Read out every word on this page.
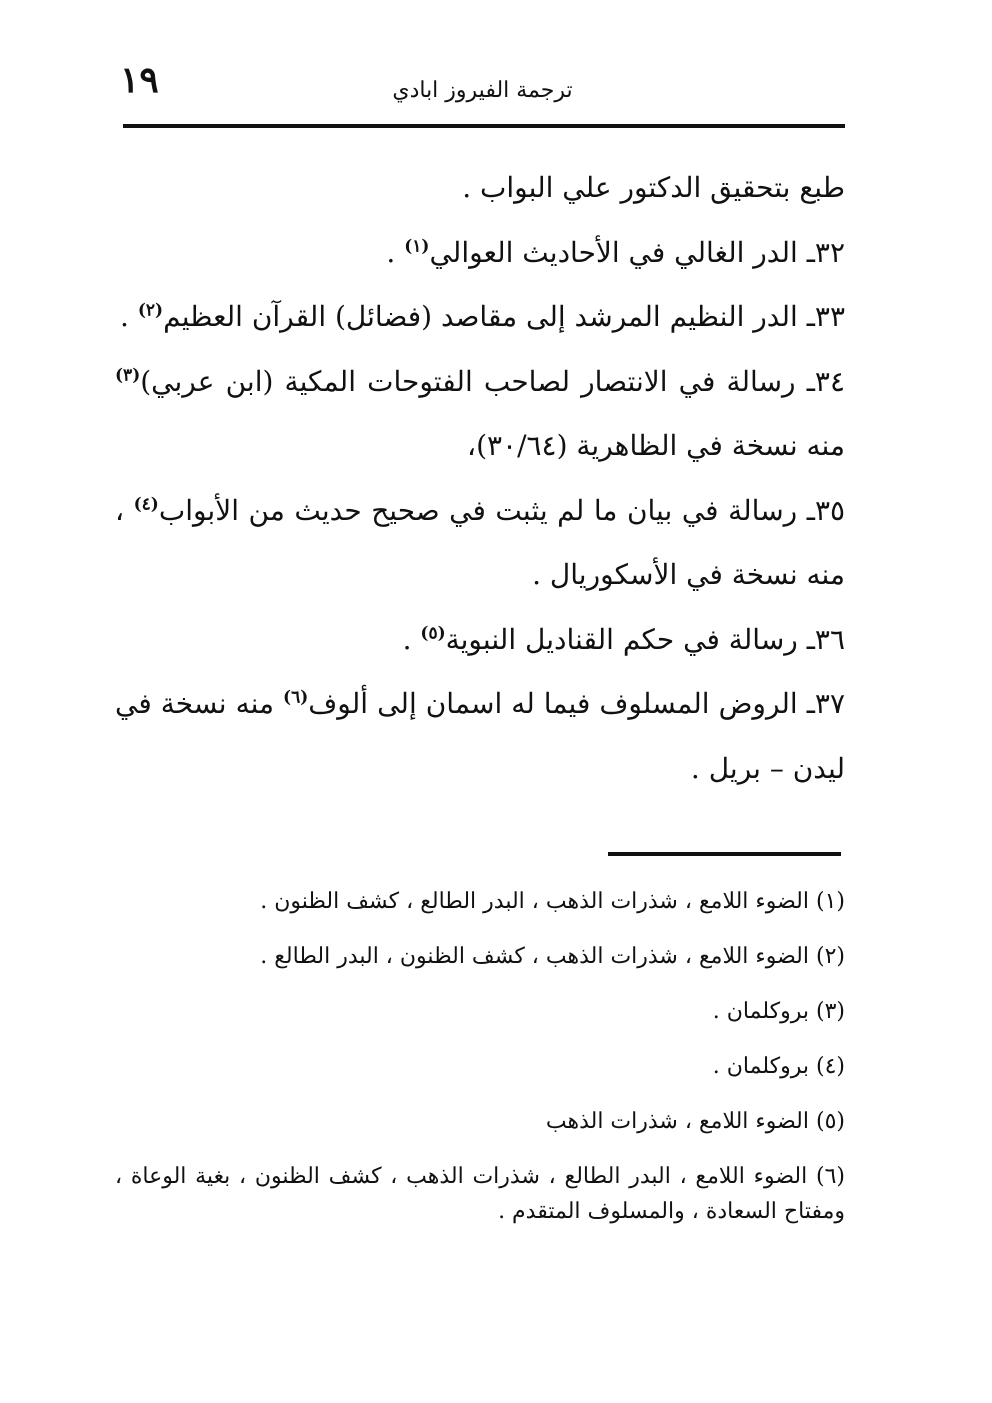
١٩	ترجمة الفيروز ابادي

طبع بتحقيق الدكتور علي البواب .

٣٢ـ الدر الغالي في الأحاديث العوالي$^{(١)}$ .

٣٣ـ الدر النظيم المرشد إلى مقاصد (فضائل) القرآن العظيم$^{(٢)}$ .

٣٤ـ رسالة في الانتصار لصاحب الفتوحات المكية (ابن عربي)$^{(٣)}$ منه نسخة في الظاهرية (٣٠/٦٤)،

٣٥ـ رسالة في بيان ما لم يثبت في صحيح حديث من الأبواب$^{(٤)}$ ، منه نسخة في الأسكوريال .

٣٦ـ رسالة في حكم القناديل النبوية$^{(٥)}$ .

٣٧ـ الروض المسلوف فيما له اسمان إلى ألوف$^{(٦)}$ منه نسخة في ليدن – بريل .

(١) الضوء اللامع ، شذرات الذهب ، البدر الطالع ، كشف الظنون .

(٢) الضوء اللامع ، شذرات الذهب ، كشف الظنون ، البدر الطالع .

(٣) بروكلمان .

(٤) بروكلمان .

(٥) الضوء اللامع ، شذرات الذهب

(٦) الضوء اللامع ، البدر الطالع ، شذرات الذهب ، كشف الظنون ، بغية الوعاة ، ومفتاح السعادة ، والمسلوف المتقدم .
